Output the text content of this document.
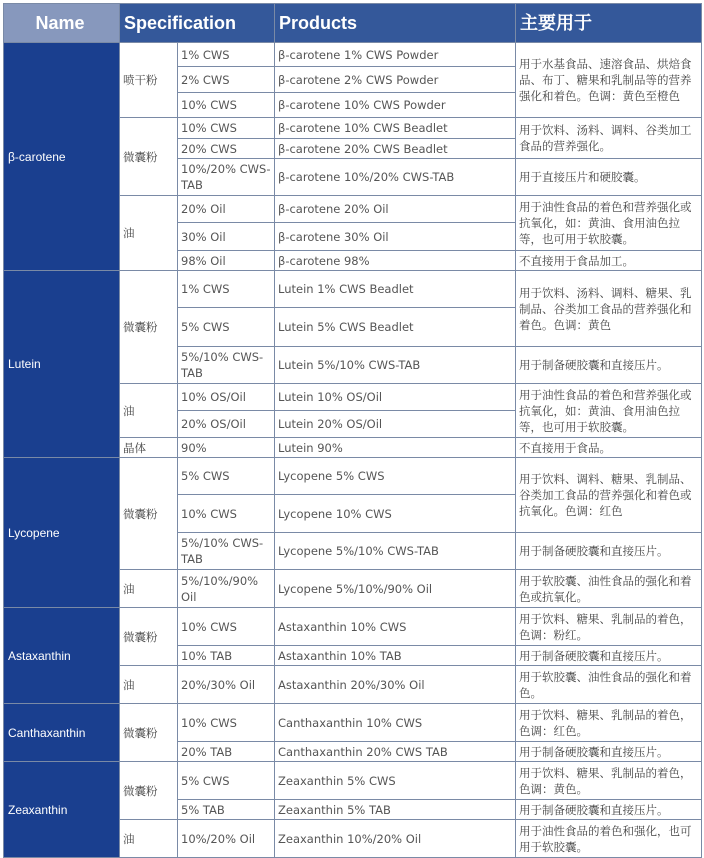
Name	Specification		Products	主要用于
β-carotene	喷干粉	1% CWS	β-carotene 1% CWS Powder	用于水基食品、速溶食品、烘焙食品、布丁、糖果和乳制品等的营养强化和着色。色调：黄色至橙色
		2% CWS	β-carotene 2% CWS Powder	
		10% CWS	β-carotene 10% CWS Powder	
	微囊粉	10% CWS	β-carotene 10% CWS Beadlet	用于饮料、汤料、调料、谷类加工食品的营养强化。
		20% CWS	β-carotene 20% CWS Beadlet	
		10%/20% CWS-TAB	β-carotene 10%/20% CWS-TAB	用于直接压片和硬胶囊。
	油	20% Oil	β-carotene 20% Oil	用于油性食品的着色和营养强化或抗氧化，如：黄油、食用油色拉等，也可用于软胶囊。
		30% Oil	β-carotene 30% Oil	
		98% Oil	β-carotene 98%	不直接用于食品加工。
Lutein	微囊粉	1% CWS	Lutein 1% CWS Beadlet	用于饮料、汤料、调料、糖果、乳制品、谷类加工食品的营养强化和着色。色调：黄色
		5% CWS	Lutein 5% CWS Beadlet	
		5%/10% CWS-TAB	Lutein 5%/10% CWS-TAB	用于制备硬胶囊和直接压片。
	油	10% OS/Oil	Lutein 10% OS/Oil	用于油性食品的着色和营养强化或抗氧化，如：黄油、食用油色拉等，也可用于软胶囊。
		20% OS/Oil	Lutein 20% OS/Oil	
	晶体	90%	Lutein 90%	不直接用于食品。
Lycopene	微囊粉	5% CWS	Lycopene 5% CWS	用于饮料、调料、糖果、乳制品、谷类加工食品的营养强化和着色或抗氧化。色调：红色
		10% CWS	Lycopene 10% CWS	
		5%/10% CWS-TAB	Lycopene 5%/10% CWS-TAB	用于制备硬胶囊和直接压片。
	油	5%/10%/90% Oil	Lycopene 5%/10%/90% Oil	用于软胶囊、油性食品的强化和着色或抗氧化。
Astaxanthin	微囊粉	10% CWS	Astaxanthin 10% CWS	用于饮料、糖果、乳制品的着色，色调：粉红。
		10% TAB	Astaxanthin 10% TAB	用于制备硬胶囊和直接压片。
	油	20%/30% Oil	Astaxanthin 20%/30% Oil	用于软胶囊、油性食品的强化和着色。
Canthaxanthin	微囊粉	10% CWS	Canthaxanthin 10% CWS	用于饮料、糖果、乳制品的着色，色调：红色。
		20% TAB	Canthaxanthin 20% CWS TAB	用于制备硬胶囊和直接压片。
Zeaxanthin	微囊粉	5% CWS	Zeaxanthin 5% CWS	用于饮料、糖果、乳制品的着色，色调：黄色。
		5% TAB	Zeaxanthin 5% TAB	用于制备硬胶囊和直接压片。
	油	10%/20% Oil	Zeaxanthin 10%/20% Oil	用于油性食品的着色和强化，也可用于软胶囊。
